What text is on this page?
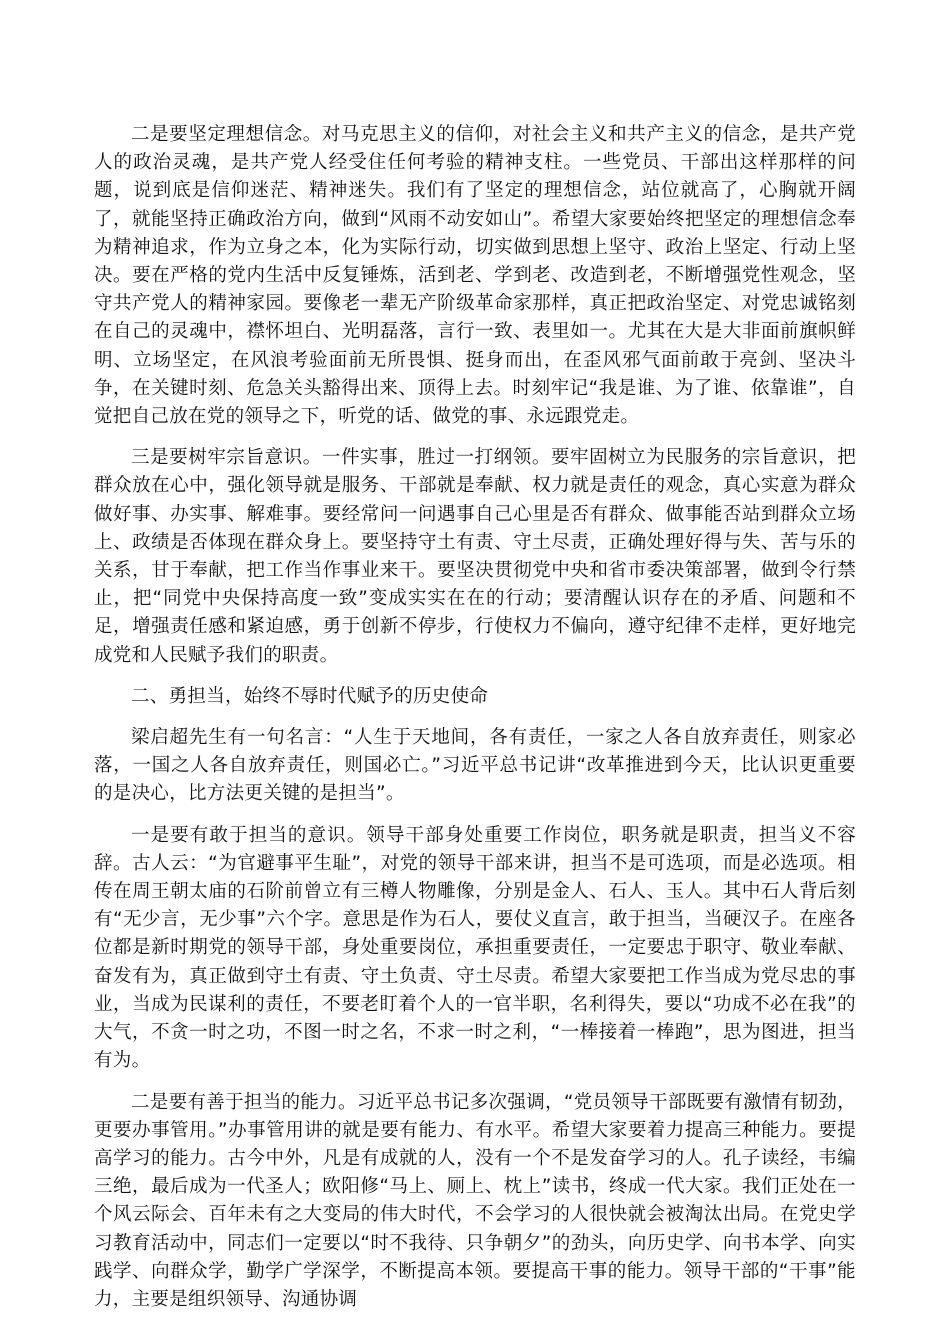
二是要坚定理想信念。对马克思主义的信仰，对社会主义和共产主义的信念，是共产党人的政治灵魂，是共产党人经受住任何考验的精神支柱。一些党员、干部出这样那样的问题，说到底是信仰迷茫、精神迷失。我们有了坚定的理想信念，站位就高了，心胸就开阔了，就能坚持正确政治方向，做到“风雨不动安如山”。希望大家要始终把坚定的理想信念奉为精神追求，作为立身之本，化为实际行动，切实做到思想上坚守、政治上坚定、行动上坚决。要在严格的党内生活中反复锤炼，活到老、学到老、改造到老，不断增强党性观念，坚守共产党人的精神家园。要像老一辈无产阶级革命家那样，真正把政治坚定、对党忠诚铭刻在自己的灵魂中，襟怀坦白、光明磊落，言行一致、表里如一。尤其在大是大非面前旗帜鲜明、立场坚定，在风浪考验面前无所畏惧、挺身而出，在歪风邪气面前敢于亮剑、坚决斗争，在关键时刻、危急关头豁得出来、顶得上去。时刻牢记“我是谁、为了谁、依靠谁”，自觉把自己放在党的领导之下，听党的话、做党的事、永远跟党走。

三是要树牢宗旨意识。一件实事，胜过一打纲领。要牢固树立为民服务的宗旨意识，把群众放在心中，强化领导就是服务、干部就是奉献、权力就是责任的观念，真心实意为群众做好事、办实事、解难事。要经常问一问遇事自己心里是否有群众、做事能否站到群众立场上、政绩是否体现在群众身上。要坚持守土有责、守土尽责，正确处理好得与失、苦与乐的关系，甘于奉献，把工作当作事业来干。要坚决贯彻党中央和省市委决策部署，做到令行禁止，把“同党中央保持高度一致”变成实实在在的行动；要清醒认识存在的矛盾、问题和不足，增强责任感和紧迫感，勇于创新不停步，行使权力不偏向，遵守纪律不走样，更好地完成党和人民赋予我们的职责。

二、勇担当，始终不辱时代赋予的历史使命

梁启超先生有一句名言：“人生于天地间，各有责任，一家之人各自放弃责任，则家必落，一国之人各自放弃责任，则国必亡。”习近平总书记讲“改革推进到今天，比认识更重要的是决心，比方法更关键的是担当”。

一是要有敢于担当的意识。领导干部身处重要工作岗位，职务就是职责，担当义不容辞。古人云：“为官避事平生耻”，对党的领导干部来讲，担当不是可选项，而是必选项。相传在周王朝太庙的石阶前曾立有三樽人物雕像，分别是金人、石人、玉人。其中石人背后刻有“无少言，无少事”六个字。意思是作为石人，要仗义直言，敢于担当，当硬汉子。在座各位都是新时期党的领导干部，身处重要岗位，承担重要责任，一定要忠于职守、敬业奉献、奋发有为，真正做到守土有责、守土负责、守土尽责。希望大家要把工作当成为党尽忠的事业，当成为民谋利的责任，不要老盯着个人的一官半职，名利得失，要以“功成不必在我”的大气，不贪一时之功，不图一时之名，不求一时之利，“一棒接着一棒跑”，思为图进，担当有为。

二是要有善于担当的能力。习近平总书记多次强调，“党员领导干部既要有激情有韧劲，更要办事管用。”办事管用讲的就是要有能力、有水平。希望大家要着力提高三种能力。要提高学习的能力。古今中外，凡是有成就的人，没有一个不是发奋学习的人。孔子读经，韦编三绝，最后成为一代圣人；欧阳修“马上、厕上、枕上”读书，终成一代大家。我们正处在一个风云际会、百年未有之大变局的伟大时代，不会学习的人很快就会被淘汰出局。在党史学习教育活动中，同志们一定要以“时不我待、只争朝夕”的劲头，向历史学、向书本学、向实践学、向群众学，勤学广学深学，不断提高本领。要提高干事的能力。领导干部的“干事”能力，主要是组织领导、沟通协调
